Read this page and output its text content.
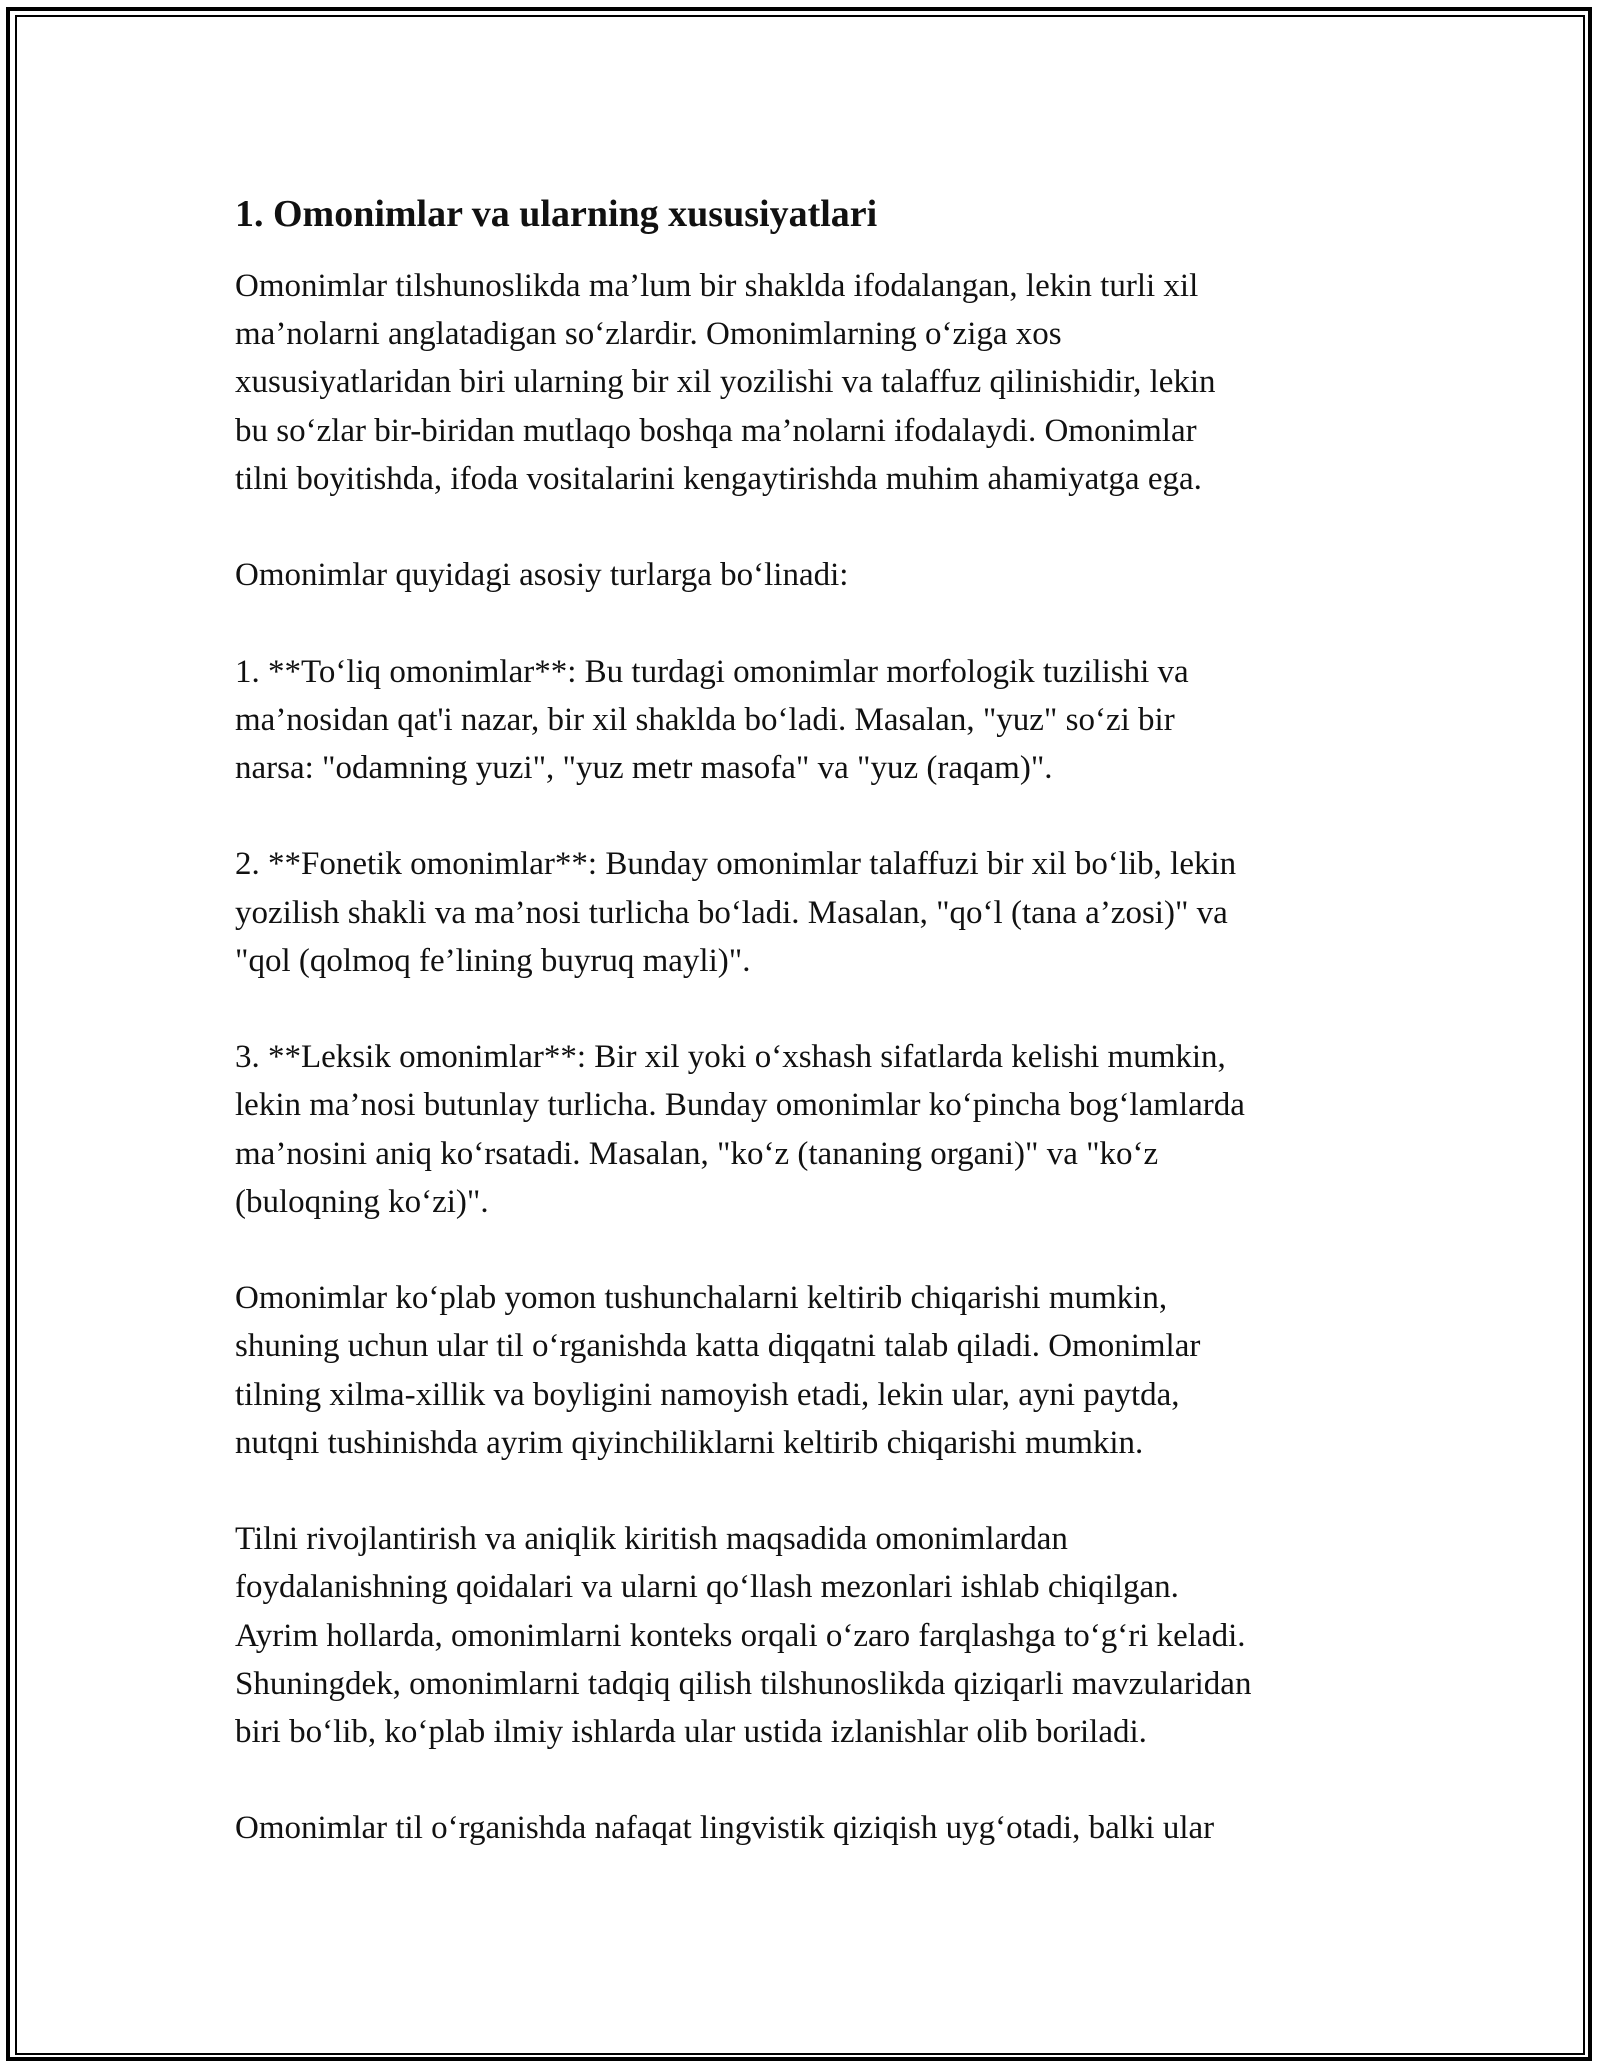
1. Omonimlar va ularning xususiyatlari
Omonimlar tilshunoslikda ma’lum bir shaklda ifodalangan, lekin turli xil
ma’nolarni anglatadigan so‘zlardir. Omonimlarning o‘ziga xos
xususiyatlaridan biri ularning bir xil yozilishi va talaffuz qilinishidir, lekin
bu so‘zlar bir-biridan mutlaqo boshqa ma’nolarni ifodalaydi. Omonimlar
tilni boyitishda, ifoda vositalarini kengaytirishda muhim ahamiyatga ega.
Omonimlar quyidagi asosiy turlarga bo‘linadi:
1. **To‘liq omonimlar**: Bu turdagi omonimlar morfologik tuzilishi va
ma’nosidan qat'i nazar, bir xil shaklda bo‘ladi. Masalan, "yuz" so‘zi bir
narsa: "odamning yuzi", "yuz metr masofa" va "yuz (raqam)".
2. **Fonetik omonimlar**: Bunday omonimlar talaffuzi bir xil bo‘lib, lekin
yozilish shakli va ma’nosi turlicha bo‘ladi. Masalan, "qo‘l (tana a’zosi)" va
"qol (qolmoq fe’lining buyruq mayli)".
3. **Leksik omonimlar**: Bir xil yoki o‘xshash sifatlarda kelishi mumkin,
lekin ma’nosi butunlay turlicha. Bunday omonimlar ko‘pincha bog‘lamlarda
ma’nosini aniq ko‘rsatadi. Masalan, "ko‘z (tananing organi)" va "ko‘z
(buloqning ko‘zi)".
Omonimlar ko‘plab yomon tushunchalarni keltirib chiqarishi mumkin,
shuning uchun ular til o‘rganishda katta diqqatni talab qiladi. Omonimlar
tilning xilma-xillik va boyligini namoyish etadi, lekin ular, ayni paytda,
nutqni tushinishda ayrim qiyinchiliklarni keltirib chiqarishi mumkin.
Tilni rivojlantirish va aniqlik kiritish maqsadida omonimlardan
foydalanishning qoidalari va ularni qo‘llash mezonlari ishlab chiqilgan.
Ayrim hollarda, omonimlarni konteks orqali o‘zaro farqlashga to‘g‘ri keladi.
Shuningdek, omonimlarni tadqiq qilish tilshunoslikda qiziqarli mavzularidan
biri bo‘lib, ko‘plab ilmiy ishlarda ular ustida izlanishlar olib boriladi.
Omonimlar til o‘rganishda nafaqat lingvistik qiziqish uyg‘otadi, balki ular
